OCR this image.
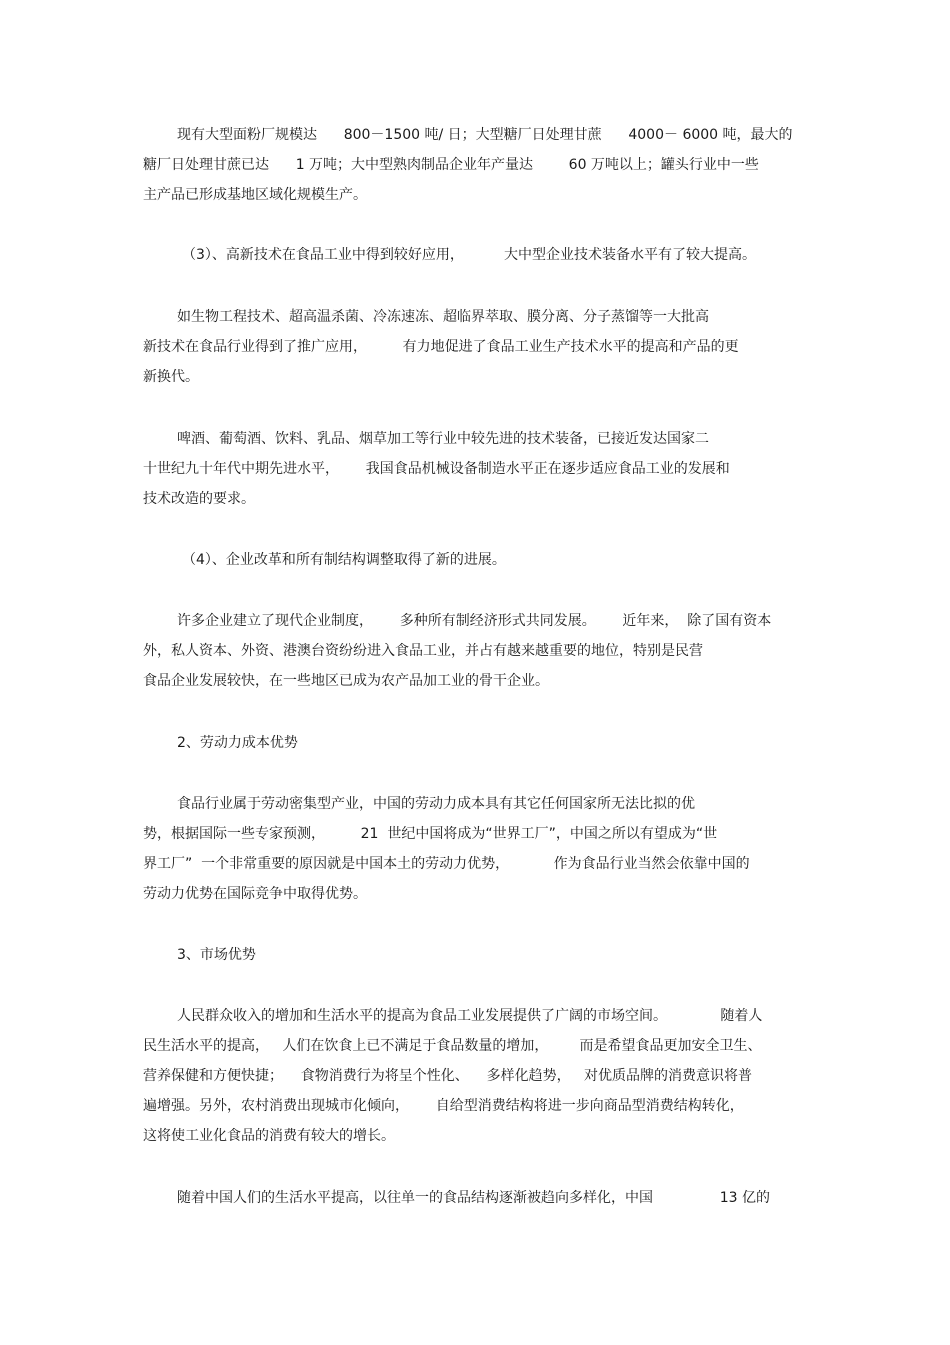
现有大型面粉厂规模达      800－1500 吨/ 日；大型糖厂日处理甘蔗      4000－ 6000 吨，最大的
糖厂日处理甘蔗已达      1 万吨；大中型熟肉制品企业年产量达        60 万吨以上；罐头行业中一些
主产品已形成基地区域化规模生产。
（3）、高新技术在食品工业中得到较好应用，         大中型企业技术装备水平有了较大提高。
如生物工程技术、超高温杀菌、冷冻速冻、超临界萃取、膜分离、分子蒸馏等一大批高
新技术在食品行业得到了推广应用，        有力地促进了食品工业生产技术水平的提高和产品的更
新换代。
啤酒、葡萄酒、饮料、乳品、烟草加工等行业中较先进的技术装备，已接近发达国家二
十世纪九十年代中期先进水平，      我国食品机械设备制造水平正在逐步适应食品工业的发展和
技术改造的要求。
（4）、企业改革和所有制结构调整取得了新的进展。
许多企业建立了现代企业制度，      多种所有制经济形式共同发展。      近年来，  除了国有资本
外，私人资本、外资、港澳台资纷纷进入食品工业，并占有越来越重要的地位，特别是民营
食品企业发展较快，在一些地区已成为农产品加工业的骨干企业。
2、劳动力成本优势
食品行业属于劳动密集型产业，中国的劳动力成本具有其它任何国家所无法比拟的优
势，根据国际一些专家预测，        21  世纪中国将成为“世界工厂”，中国之所以有望成为“世
界工厂”  一个非常重要的原因就是中国本土的劳动力优势，          作为食品行业当然会依靠中国的
劳动力优势在国际竞争中取得优势。
3、市场优势
人民群众收入的增加和生活水平的提高为食品工业发展提供了广阔的市场空间。            随着人
民生活水平的提高，   人们在饮食上已不满足于食品数量的增加，       而是希望食品更加安全卫生、
营养保健和方便快捷；    食物消费行为将呈个性化、    多样化趋势，   对优质品牌的消费意识将普
遍增强。另外，农村消费出现城市化倾向，      自给型消费结构将进一步向商品型消费结构转化，
这将使工业化食品的消费有较大的增长。
随着中国人们的生活水平提高，以往单一的食品结构逐渐被趋向多样化，中国               13 亿的
